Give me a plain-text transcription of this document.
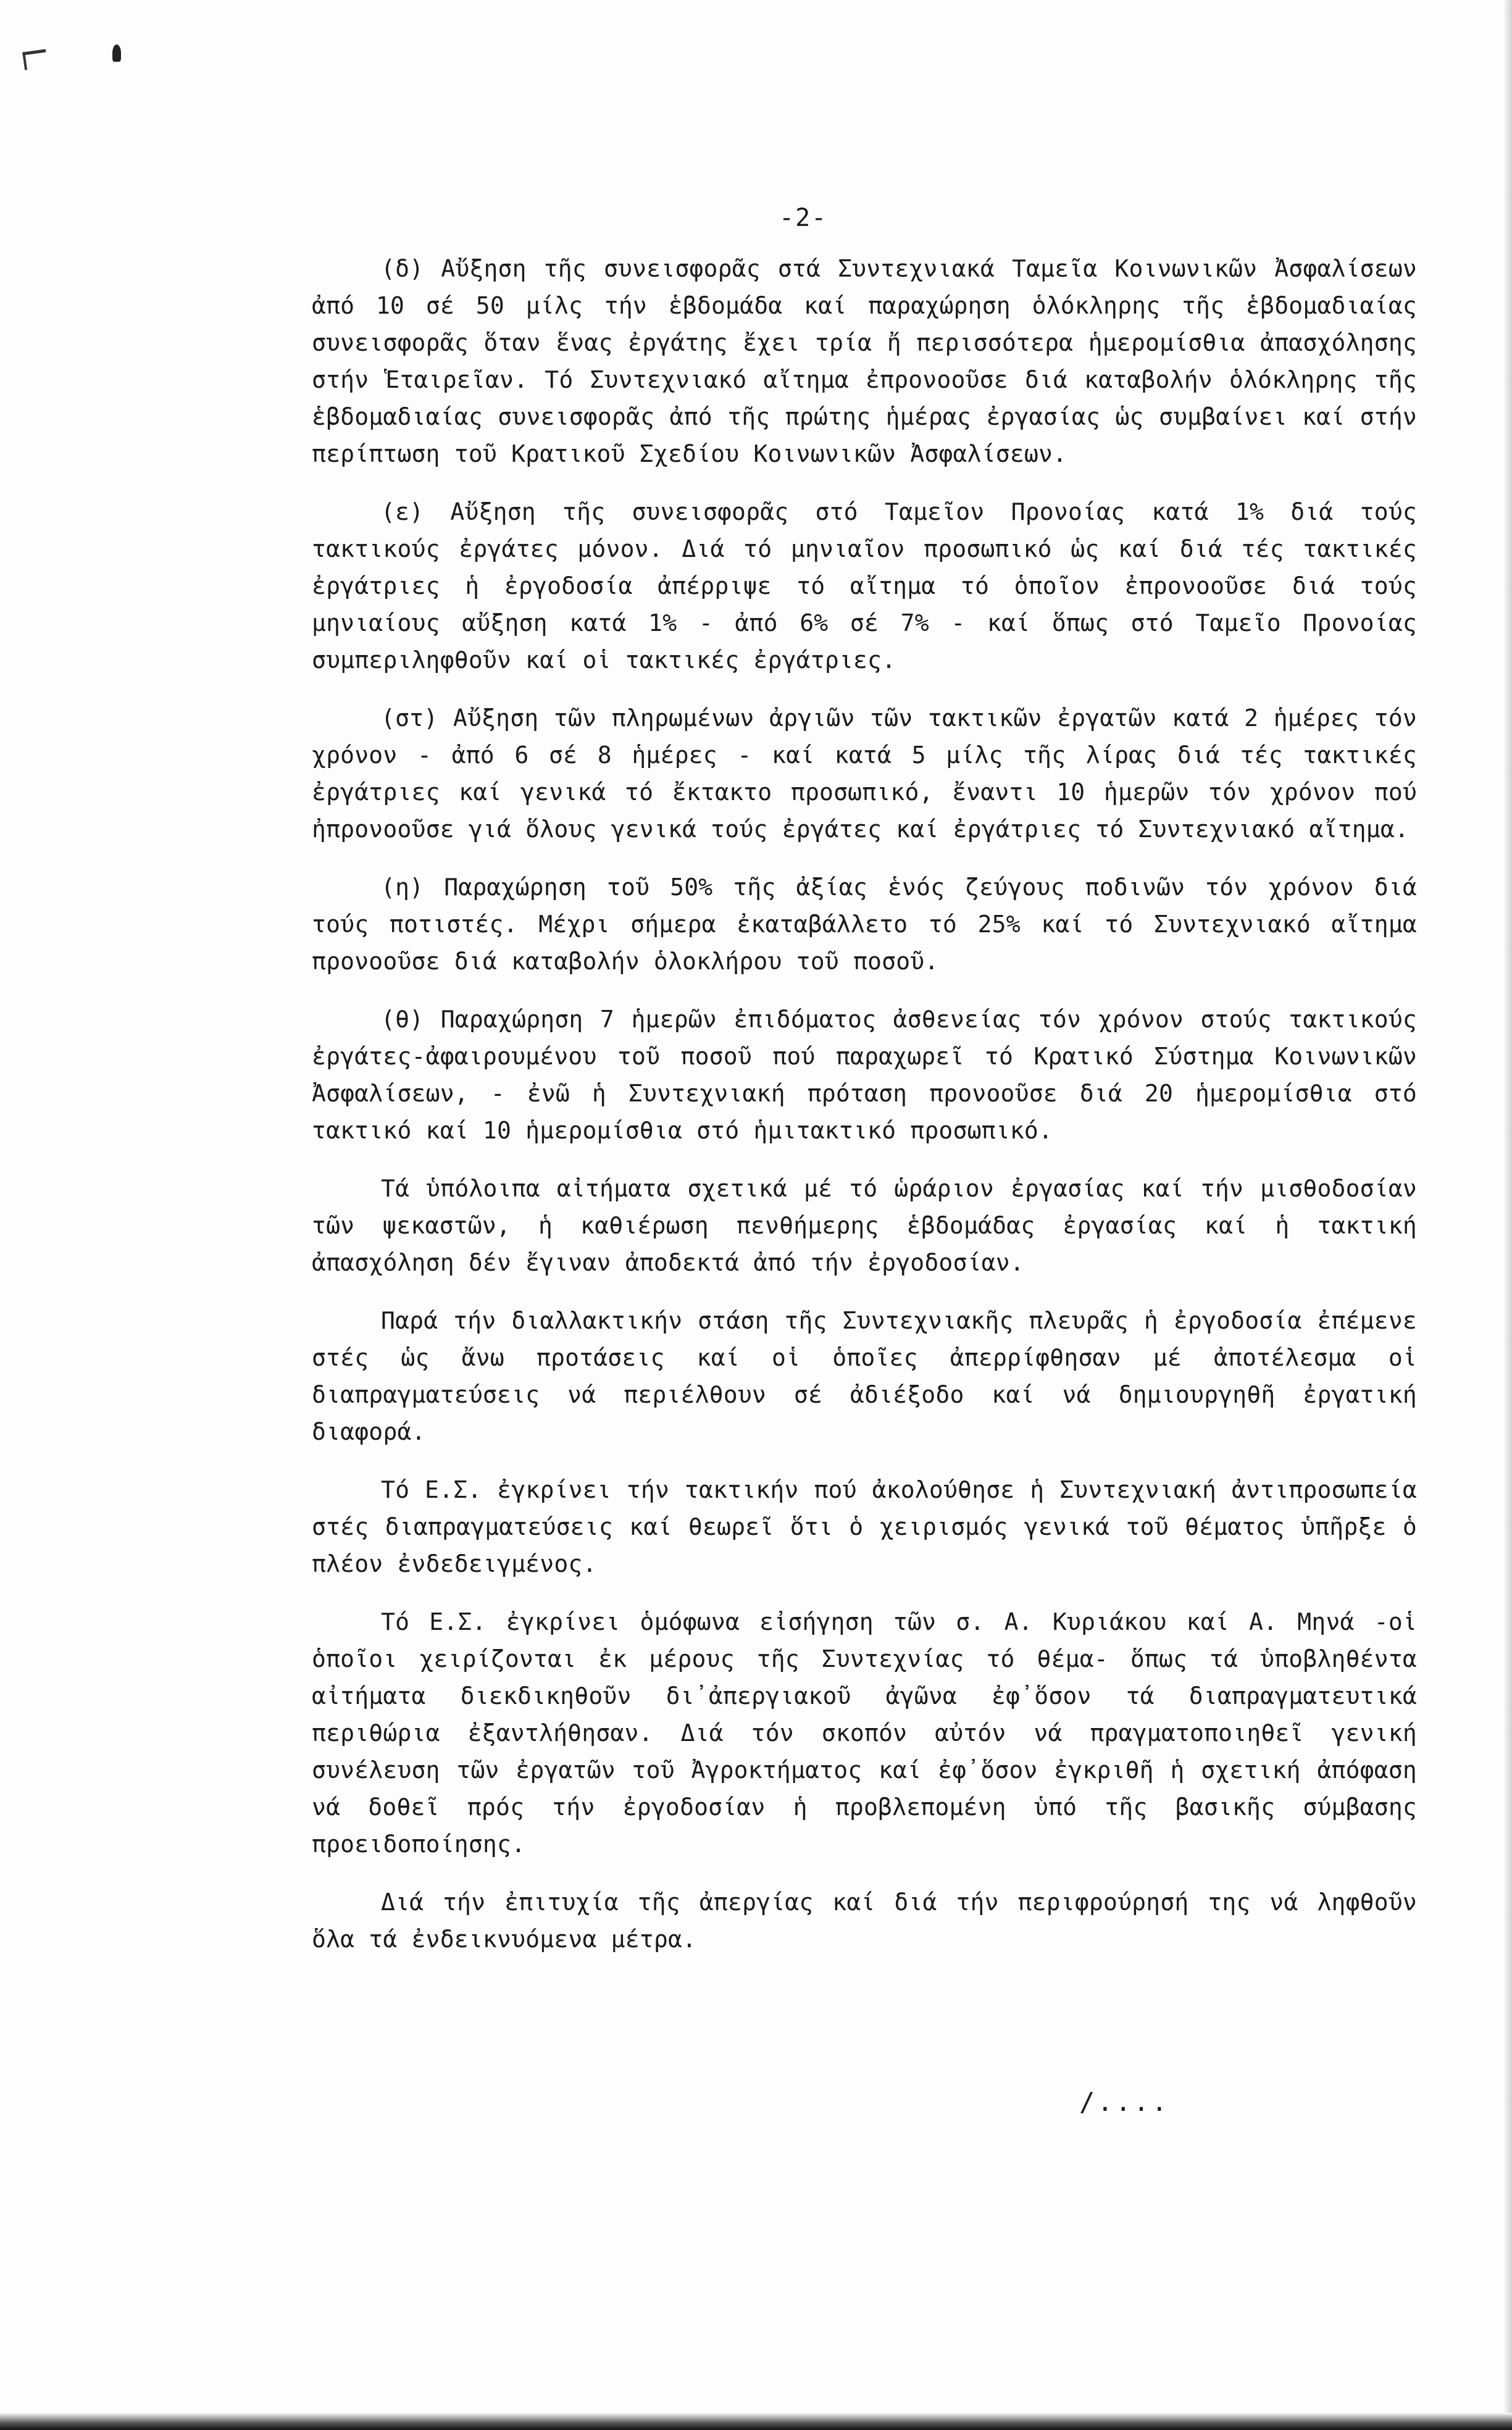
-2-

(δ) Αὔξηση τῆς συνεισφορᾶς στά Συντεχνιακά Ταμεῖα Κοινωνικῶν Ἀσφαλίσεων ἀπό 10 σέ 50 μίλς τήν ἑβδομάδα καί παραχώρηση ὁλόκληρης τῆς ἑβδομαδιαίας συνεισφορᾶς ὅταν ἕνας ἐργάτης ἔχει τρία ἤ περισσότερα ἡμερομίσθια ἀπασχόλησης στήν Ἑταιρεῖαν. Τό Συντεχνιακό αἴτημα ἐπρονοοῦσε διά καταβολήν ὁλόκληρης τῆς ἑβδομαδιαίας συνεισφορᾶς ἀπό τῆς πρώτης ἡμέρας ἐργασίας ὡς συμβαίνει καί στήν περίπτωση τοῦ Κρατικοῦ Σχεδίου Κοινωνικῶν Ἀσφαλίσεων.

(ε) Αὔξηση τῆς συνεισφορᾶς στό Ταμεῖον Προνοίας κατά 1% διά τούς τακτικούς ἐργάτες μόνον. Διά τό μηνιαῖον προσωπικό ὡς καί διά τές τακτικές ἐργάτριες ἡ ἐργοδοσία ἀπέρριψε τό αἴτημα τό ὁποῖον ἐπρονοοῦσε διά τούς μηνιαίους αὔξηση κατά 1% - ἀπό 6% σέ 7% - καί ὅπως στό Ταμεῖο Προνοίας συμπεριληφθοῦν καί οἱ τακτικές ἐργάτριες.

(στ) Αὔξηση τῶν πληρωμένων ἀργιῶν τῶν τακτικῶν ἐργατῶν κατά 2 ἡμέρες τόν χρόνον - ἀπό 6 σέ 8 ἡμέρες - καί κατά 5 μίλς τῆς λίρας διά τές τακτικές ἐργάτριες καί γενικά τό ἔκτακτο προσωπικό, ἔναντι 10 ἡμερῶν τόν χρόνον πού ἠπρονοοῦσε γιά ὅλους γενικά τούς ἐργάτες καί ἐργάτριες τό Συντεχνιακό αἴτημα.

(η) Παραχώρηση τοῦ 50% τῆς ἀξίας ἑνός ζεύγους ποδινῶν τόν χρόνον διά τούς ποτιστές. Μέχρι σήμερα ἐκαταβάλλετο τό 25% καί τό Συντεχνιακό αἴτημα προνοοῦσε διά καταβολήν ὁλοκλήρου τοῦ ποσοῦ.

(θ) Παραχώρηση 7 ἡμερῶν ἐπιδόματος ἀσθενείας τόν χρόνον στούς τακτικούς ἐργάτες-ἀφαιρουμένου τοῦ ποσοῦ πού παραχωρεῖ τό Κρατικό Σύστημα Κοινωνικῶν Ἀσφαλίσεων, - ἐνῶ ἡ Συντεχνιακή πρόταση προνοοῦσε διά 20 ἡμερομίσθια στό τακτικό καί 10 ἡμερομίσθια στό ἡμιτακτικό προσωπικό.

Τά ὑπόλοιπα αἰτήματα σχετικά μέ τό ὡράριον ἐργασίας καί τήν μισθοδοσίαν τῶν ψεκαστῶν, ἡ καθιέρωση πενθήμερης ἑβδομάδας ἐργασίας καί ἡ τακτική ἀπασχόληση δέν ἔγιναν ἀποδεκτά ἀπό τήν ἐργοδοσίαν.

Παρά τήν διαλλακτικήν στάση τῆς Συντεχνιακῆς πλευρᾶς ἡ ἐργοδοσία ἐπέμενε στές ὡς ἄνω προτάσεις καί οἱ ὁποῖες ἀπερρίφθησαν μέ ἀποτέλεσμα οἱ διαπραγματεύσεις νά περιέλθουν σέ ἀδιέξοδο καί νά δημιουργηθῆ ἐργατική διαφορά.

Τό Ε.Σ. ἐγκρίνει τήν τακτικήν πού ἀκολούθησε ἡ Συντεχνιακή ἀντιπροσωπεία στές διαπραγματεύσεις καί θεωρεῖ ὅτι ὁ χειρισμός γενικά τοῦ θέματος ὑπῆρξε ὁ πλέον ἐνδεδειγμένος.

Τό Ε.Σ. ἐγκρίνει ὁμόφωνα εἰσήγηση τῶν σ. Α. Κυριάκου καί Α. Μηνά -οἱ ὁποῖοι χειρίζονται ἐκ μέρους τῆς Συντεχνίας τό θέμα- ὅπως τά ὑποβληθέντα αἰτήματα διεκδικηθοῦν δι᾽ἀπεργιακοῦ ἀγῶνα ἐφ᾽ὅσον τά διαπραγματευτικά περιθώρια ἐξαντλήθησαν. Διά τόν σκοπόν αὐτόν νά πραγματοποιηθεῖ γενική συνέλευση τῶν ἐργατῶν τοῦ Ἀγροκτήματος καί ἐφ᾽ὅσον ἐγκριθῆ ἡ σχετική ἀπόφαση νά δοθεῖ πρός τήν ἐργοδοσίαν ἡ προβλεπομένη ὑπό τῆς βασικῆς σύμβασης προειδοποίησης.

Διά τήν ἐπιτυχία τῆς ἀπεργίας καί διά τήν περιφρούρησή της νά ληφθοῦν ὅλα τά ἐνδεικνυόμενα μέτρα.

/....
